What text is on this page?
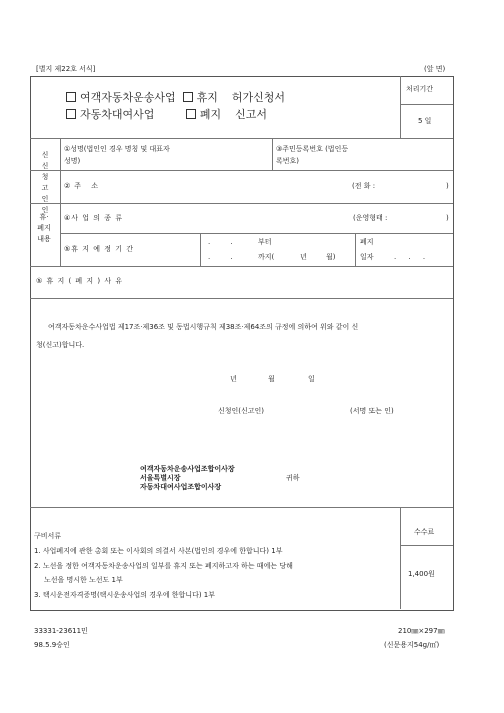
[별지 제22호 서식]	(앞 면)
여객자동차운송사업 휴지 허가신청서
자동차대여사업	폐지 신고서
처리기간
5 일
신 신 청 고 인 인
①성명(법인인 경우 명칭 및 대표자성명)
③주민등록번호 (법인등록번호)
②주 소	(전 화 :	)
휴· 폐지 내용
④사 업 의 종 류	(운영형태 :	)
⑤휴 지 예 정 기 간
. .	부터
. .	까지(	년	월)
폐지
일자	. . .
⑤ 휴 지 ( 폐 지 ) 사 유
여객자동차운수사업법 제17조·제36조 및 동법시행규칙 제38조·제64조의 규정에 의하여 위와 같이 신
청(신고)합니다.
년	월	일
신청인(신고인)	(서명 또는 인)
여객자동차운송사업조합이사장
서울특별시장
자동차대여사업조합이사장
귀하
구비서류
1. 사업폐지에 관한 총회 또는 이사회의 의결서 사본(법인의 경우에 한합니다) 1부
2. 노선을 정한 여객자동차운송사업의 일부를 휴지 또는 폐지하고자 하는 때에는 당해
노선을 명시한 노선도 1부
3. 택시운전자격증명(택시운송사업의 경우에 한합니다) 1부
수수료
1,400원
33331-23611민
98.5.9승인
210㎜×297㎜
(신문용지54g/㎡)
